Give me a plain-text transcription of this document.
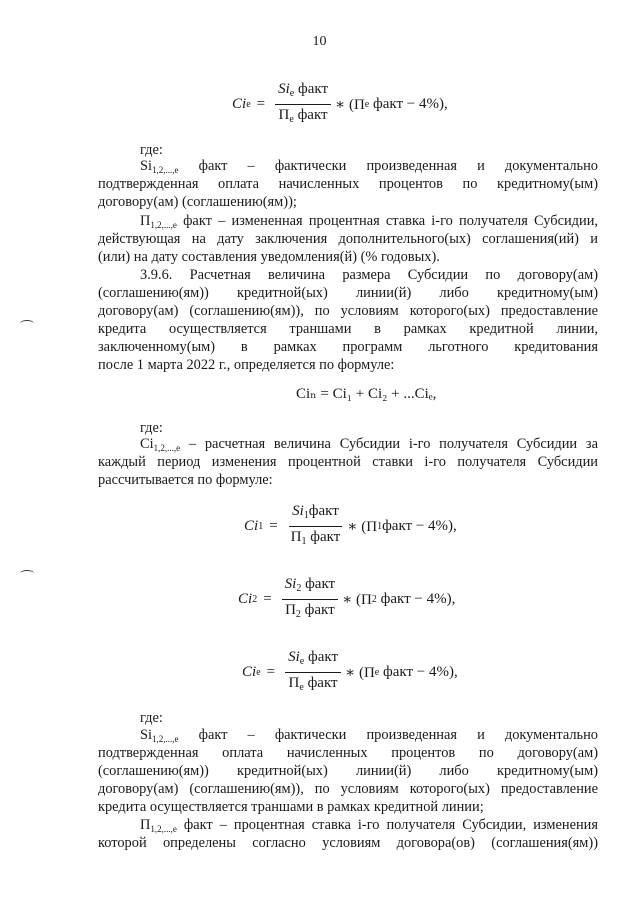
10
Ci $e = \frac{Si_e факт}{П_e факт}$ ∗ (П e
факт − 4%),
где:
$Si_{1,2,...,е}$ факт – фактически произведенная и документально
подтвержденная оплата начисленных процентов по кредитному(ым)
договору(ам) (соглашению(ям));
$П_{1,2,...,е}$ факт – измененная процентная ставка i-го получателя Субсидии,
действующая на дату заключения дополнительного(ых) соглашения(ий) и
(или) на дату составления уведомления(й) (% годовых).
3.9.6. Расчетная величина размера Субсидии по договору(ам)
(соглашению(ям)) кредитной(ых) линии(й) либо кредитному(ым)
договору(ам) (соглашению(ям)), по условиям которого(ых) предоставление
кредита осуществляется траншами в рамках кредитной линии,
заключенному(ым) в рамках программ льготного кредитования
после 1 марта 2022 г., определяется по формуле:
Ciₙ = Ci₁ + Ci₂ + ...Ciₑ,
где:
$Ci_{1,2,...,е}$ – расчетная величина Субсидии i-го получателя Субсидии за
каждый период изменения процентной ставки i-го получателя Субсидии
рассчитывается по формуле:
Ci $1 = \frac{Si_1факт}{П_1 факт}$ ∗ (П 1 факт − 4%),
Ci $2 = \frac{Si_2 факт}{П_2 факт}$ ∗ (П 2
факт − 4%),
Ci $e = \frac{Si_e факт}{П_e факт}$ ∗ (П e
факт − 4%),
где:
$Si_{1,2,...,е}$ факт – фактически произведенная и документально
подтвержденная оплата начисленных процентов по договору(ам)
(соглашению(ям)) кредитной(ых) линии(й) либо кредитному(ым)
договору(ам) (соглашению(ям)), по условиям которого(ых) предоставление
кредита осуществляется траншами в рамках кредитной линии;
$П_{1,2,...,е}$ факт – процентная ставка i-го получателя Субсидии, изменения
которой определены согласно условиям договора(ов) (соглашения(ям))
